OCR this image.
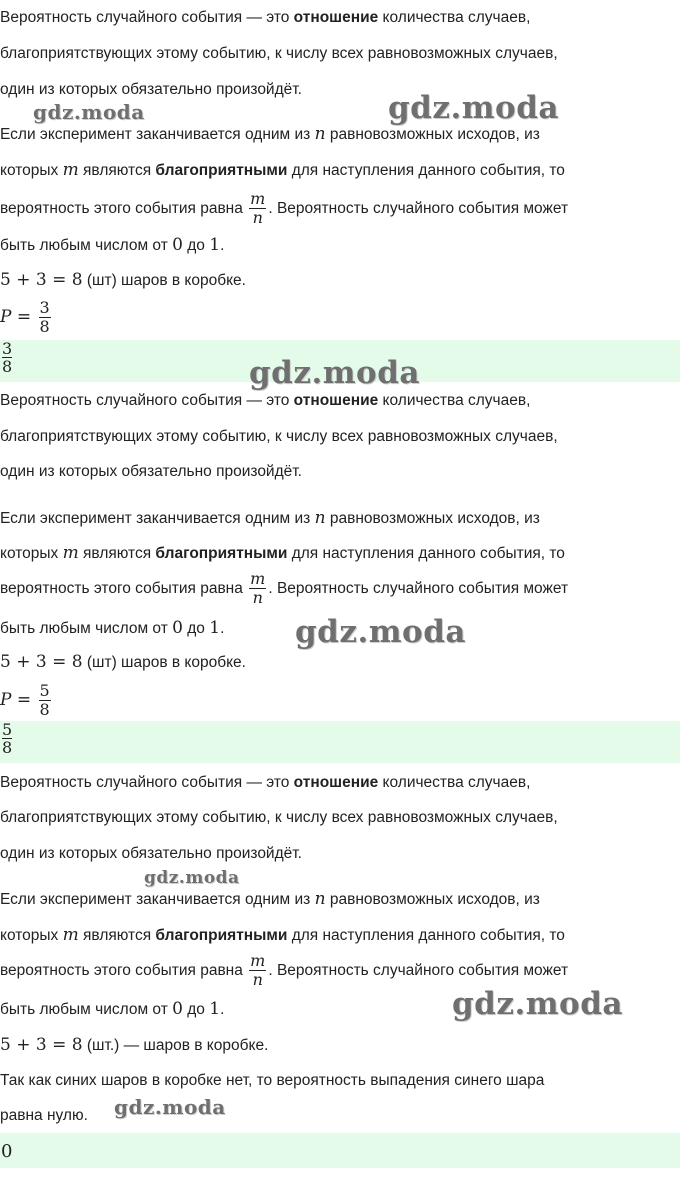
Вероятность случайного события — это отношение количества случаев,
благоприятствующих этому событию, к числу всех равновозможных случаев,
один из которых обязательно произойдёт.
Если эксперимент заканчивается одним из n равновозможных исходов, из
которых m являются благоприятными для наступления данного события, то
вероятность этого события равна $\frac{m}{n}$ . Вероятность случайного события может
быть любым числом от 0 до 1.
5 + 3 = 8 (шт) шаров в коробке.
$P = \frac{3}{8}$
3
8
Вероятность случайного события — это отношение количества случаев,
благоприятствующих этому событию, к числу всех равновозможных случаев,
один из которых обязательно произойдёт.
Если эксперимент заканчивается одним из n равновозможных исходов, из
которых m являются благоприятными для наступления данного события, то
вероятность этого события равна $\frac{m}{n}$ . Вероятность случайного события может
быть любым числом от 0 до 1.
5 + 3 = 8 (шт) шаров в коробке.
$P = \frac{5}{8}$
5
8
Вероятность случайного события — это отношение количества случаев,
благоприятствующих этому событию, к числу всех равновозможных случаев,
один из которых обязательно произойдёт.
Если эксперимент заканчивается одним из n равновозможных исходов, из
которых m являются благоприятными для наступления данного события, то
вероятность этого события равна $\frac{m}{n}$ . Вероятность случайного события может
быть любым числом от 0 до 1.
5 + 3 = 8 (шт.) — шаров в коробке.
Так как синих шаров в коробке нет, то вероятность выпадения синего шара
равна нулю.
0
gdz.moda	gdz.moda
gdz.moda
gdz.moda
gdz.moda
gdz.moda
gdz.moda
